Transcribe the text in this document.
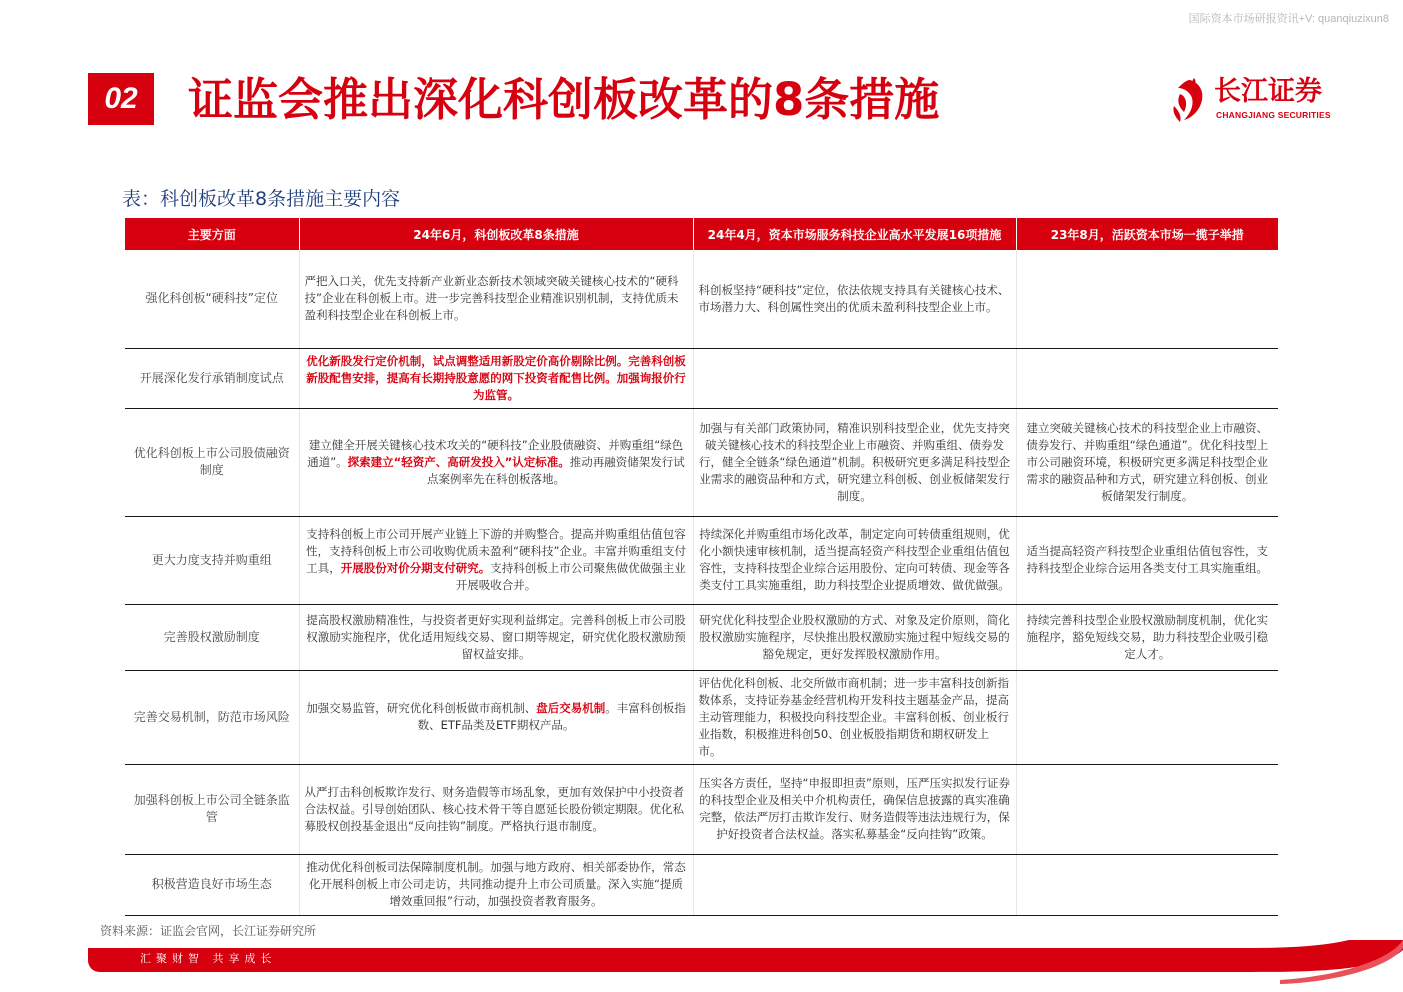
国际资本市场研报资讯+V: quanqiuzixun8
02	证监会推出深化科创板改革的8条措施	长江证券
CHANGJIANG SECURITIES
表：科创板改革8条措施主要内容
主要方面	24年6月，科创板改革8条措施	24年4月，资本市场服务科技企业高水平发展16项措施	23年8月，活跃资本市场一揽子举措
强化科创板“硬科技”定位	严把入口关，优先支持新产业新业态新技术领域突破关键核心技术的“硬科技”企业在科创板上市。进一步完善科技型企业精准识别机制，支持优质未盈利科技型企业在科创板上市。	科创板坚持“硬科技”定位，依法依规支持具有关键核心技术、市场潜力大、科创属性突出的优质未盈利科技型企业上市。	
开展深化发行承销制度试点	优化新股发行定价机制，试点调整适用新股定价高价剔除比例。完善科创板新股配售安排，提高有长期持股意愿的网下投资者配售比例。加强询报价行为监管。		
优化科创板上市公司股债融资制度	建立健全开展关键核心技术攻关的“硬科技”企业股债融资、并购重组“绿色通道”。探索建立“轻资产、高研发投入”认定标准。推动再融资储架发行试点案例率先在科创板落地。	加强与有关部门政策协同，精准识别科技型企业，优先支持突破关键核心技术的科技型企业上市融资、并购重组、债券发行，健全全链条“绿色通道”机制。积极研究更多满足科技型企业需求的融资品种和方式，研究建立科创板、创业板储架发行制度。	建立突破关键核心技术的科技型企业上市融资、债券发行、并购重组“绿色通道”。优化科技型上市公司融资环境，积极研究更多满足科技型企业需求的融资品种和方式，研究建立科创板、创业板储架发行制度。
更大力度支持并购重组	支持科创板上市公司开展产业链上下游的并购整合。提高并购重组估值包容性，支持科创板上市公司收购优质未盈利“硬科技”企业。丰富并购重组支付工具，开展股份对价分期支付研究。支持科创板上市公司聚焦做优做强主业开展吸收合并。	持续深化并购重组市场化改革，制定定向可转债重组规则，优化小额快速审核机制，适当提高轻资产科技型企业重组估值包容性，支持科技型企业综合运用股份、定向可转债、现金等各类支付工具实施重组，助力科技型企业提质增效、做优做强。	适当提高轻资产科技型企业重组估值包容性，支持科技型企业综合运用各类支付工具实施重组。
完善股权激励制度	提高股权激励精准性，与投资者更好实现利益绑定。完善科创板上市公司股权激励实施程序，优化适用短线交易、窗口期等规定，研究优化股权激励预留权益安排。	研究优化科技型企业股权激励的方式、对象及定价原则，简化股权激励实施程序，尽快推出股权激励实施过程中短线交易的豁免规定，更好发挥股权激励作用。	持续完善科技型企业股权激励制度机制，优化实施程序，豁免短线交易，助力科技型企业吸引稳定人才。
完善交易机制，防范市场风险	加强交易监管，研究优化科创板做市商机制、盘后交易机制。丰富科创板指数、ETF品类及ETF期权产品。	评估优化科创板、北交所做市商机制；进一步丰富科技创新指数体系，支持证券基金经营机构开发科技主题基金产品，提高主动管理能力，积极投向科技型企业。丰富科创板、创业板行业指数，积极推进科创50、创业板股指期货和期权研发上市。	
加强科创板上市公司全链条监管	从严打击科创板欺诈发行、财务造假等市场乱象，更加有效保护中小投资者合法权益。引导创始团队、核心技术骨干等自愿延长股份锁定期限。优化私募股权创投基金退出“反向挂钩”制度。严格执行退市制度。	压实各方责任，坚持“申报即担责”原则，压严压实拟发行证券的科技型企业及相关中介机构责任，确保信息披露的真实准确完整，依法严厉打击欺诈发行、财务造假等违法违规行为，保护好投资者合法权益。落实私募基金“反向挂钩”政策。	
积极营造良好市场生态	推动优化科创板司法保障制度机制。加强与地方政府、相关部委协作，常态化开展科创板上市公司走访，共同推动提升上市公司质量。深入实施“提质增效重回报”行动，加强投资者教育服务。		
资料来源：证监会官网，长江证券研究所
汇聚财智 共享成长
